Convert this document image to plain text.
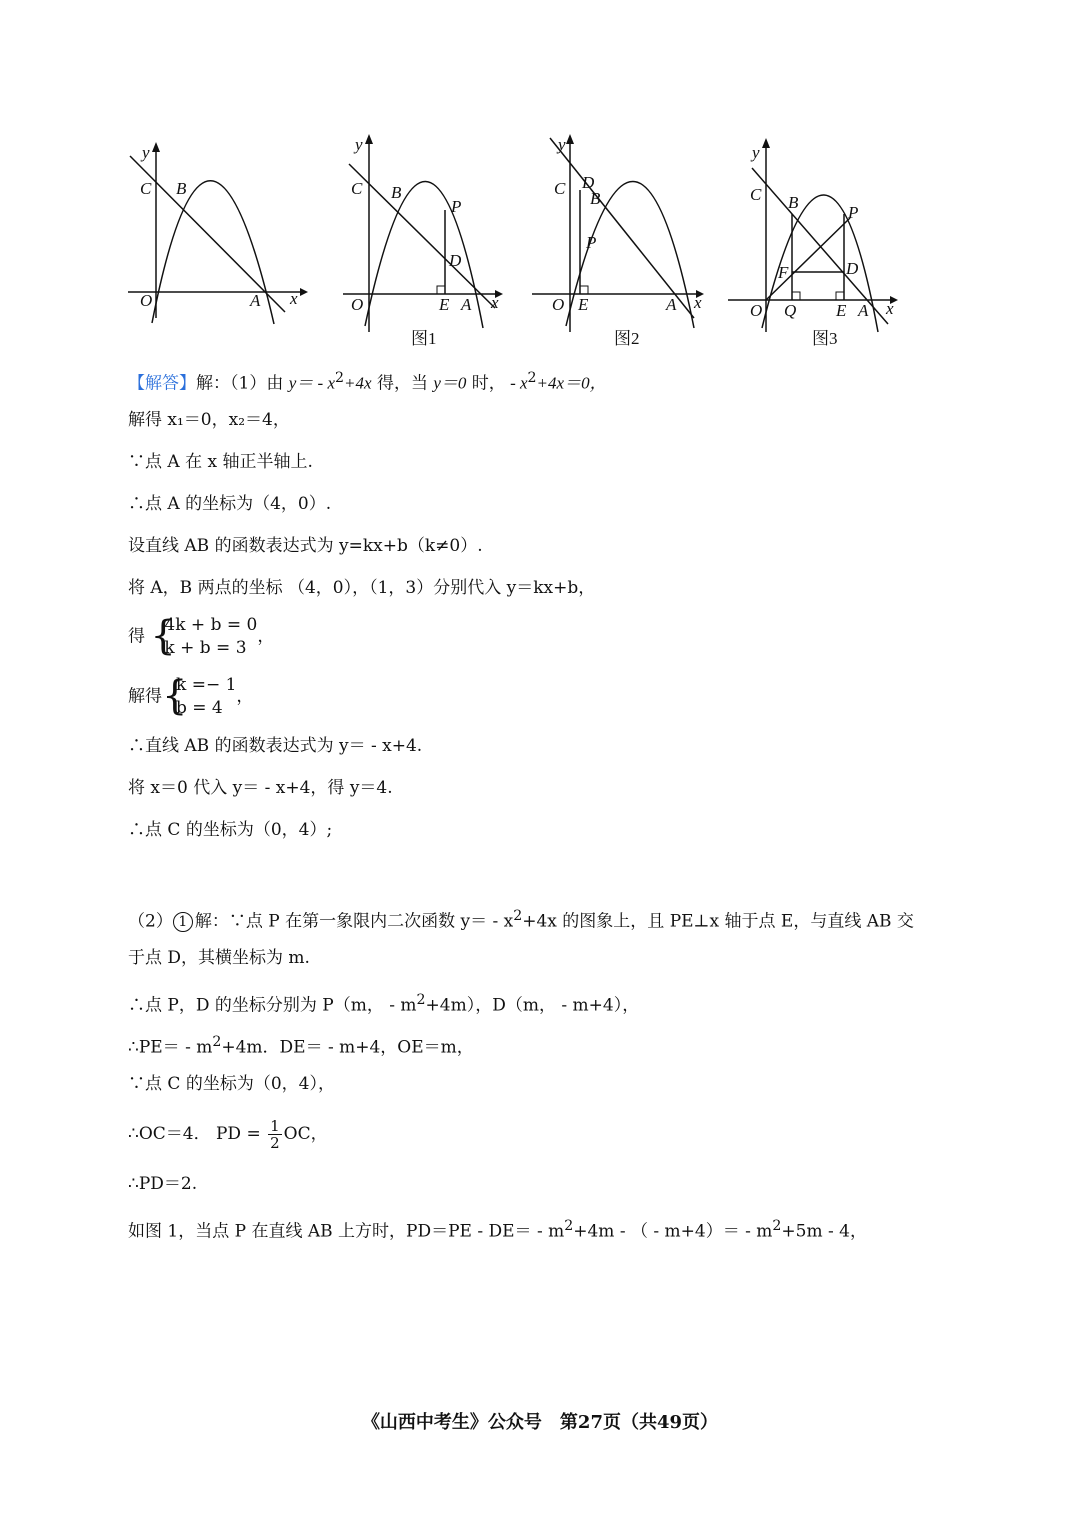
y
x
O	A
B
C
y
x
O	A
B
C
P
D
E
图1
y
x
O	A
B
C
P
D
E
图2
y
x
O	A
B
C
P
D
E
F
Q
图3
【解答】解：（1）由 $y= - x^2+4x$ 得，当 y＝0 时， - $x^2+4x=0$，
解得 x₁＝0，x₂＝4，
∵点 A 在 x 轴正半轴上.
∴点 A 的坐标为（4，0）.
设直线 AB 的函数表达式为 y=kx+b（k≠0）.
将 A，B 两点的坐标 （4，0），（1，3）分别代入 y＝kx+b，
得 {
4k + b = 0
k + b = 3
，
解得 {
k =− 1
b = 4
，
∴直线 AB 的函数表达式为 y＝ - x+4.
将 x＝0 代入 y＝ - x+4，得 y＝4.
∴点 C 的坐标为（0，4）;
（2） 1 解：∵点 P 在第一象限内二次函数 $y= - x^2+4x$ 的图象上，且 PE⊥x 轴于点 E，与直线 AB 交
于点 D，其横坐标为 m.
∴点 P，D 的坐标分别为 P（m， - $m^2+4m$），D（m， - m+4），
∴PE＝ - $m^2+4m$．DE＝ - m+4，OE＝m，
∵点 C 的坐标为（0，4），
∴OC＝4． PD = $\frac{1}{2}$ OC，
∴PD＝2.
如图 1，当点 P 在直线 AB 上方时，$PD=PE - DE= - m^2+4m$ - （ - $m+4)= - m^2+5m - 4$，
《山西中考生》公众号　第27页（共49页）
